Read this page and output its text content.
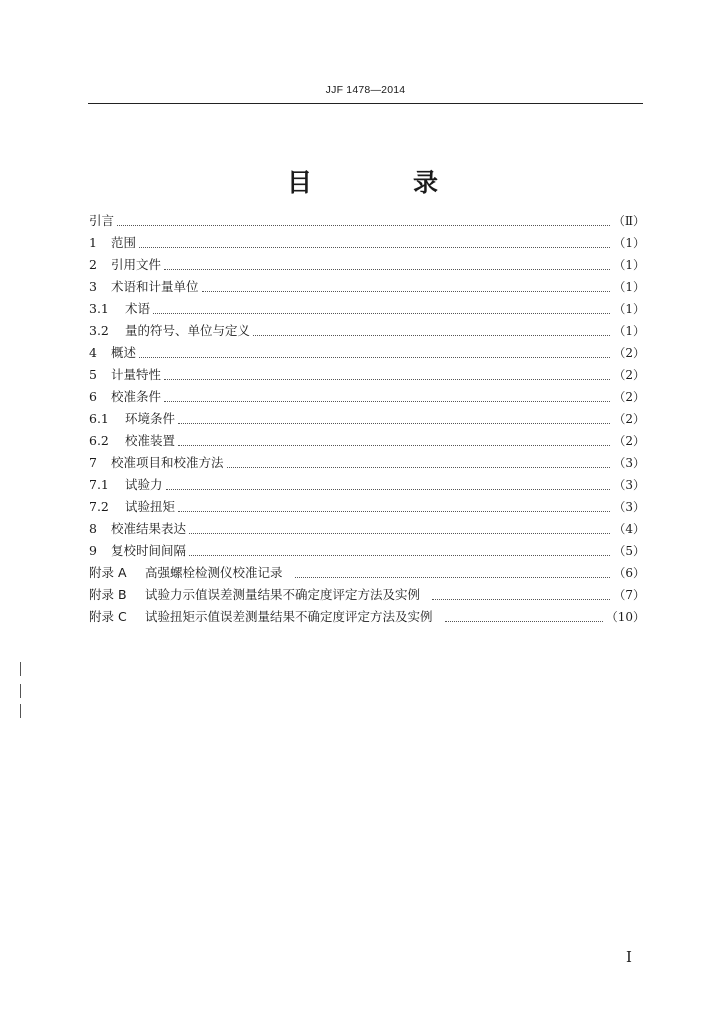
JJF 1478—2014
目　录
引言	（Ⅱ）
1	范围	（1）
2	引用文件	（1）
3	术语和计量单位	（1）
3.1	术语	（1）
3.2	量的符号、单位与定义	（1）
4	概述	（2）
5	计量特性	（2）
6	校准条件	（2）
6.1	环境条件	（2）
6.2	校准装置	（2）
7	校准项目和校准方法	（3）
7.1	试验力	（3）
7.2	试验扭矩	（3）
8	校准结果表达	（4）
9	复校时间间隔	（5）
附录 A	高强螺栓检测仪校准记录	（6）
附录 B	试验力示值误差测量结果不确定度评定方法及实例	（7）
附录 C	试验扭矩示值误差测量结果不确定度评定方法及实例	（10）
I
